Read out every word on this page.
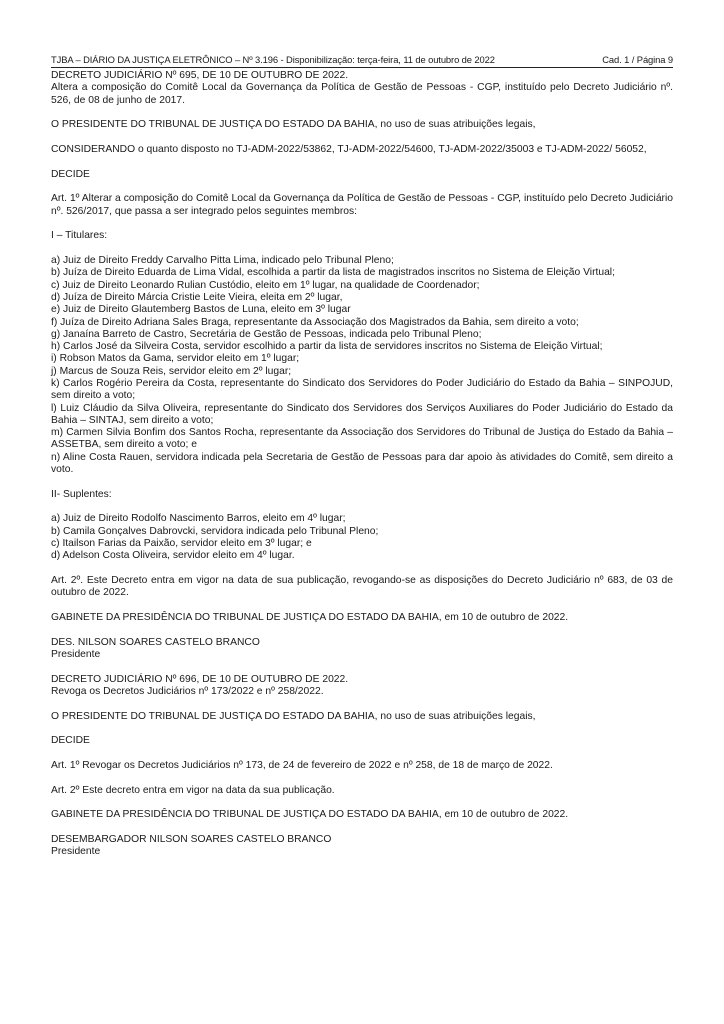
TJBA – DIÁRIO DA JUSTIÇA ELETRÔNICO – Nº 3.196 - Disponibilização: terça-feira, 11 de outubro de 2022	Cad. 1 / Página 9

DECRETO JUDICIÁRIO Nº 695, DE 10 DE OUTUBRO DE 2022.

Altera a composição do Comitê Local da Governança da Política de Gestão de Pessoas - CGP, instituído pelo Decreto Judiciário nº. 526, de 08 de junho de 2017.

O PRESIDENTE DO TRIBUNAL DE JUSTIÇA DO ESTADO DA BAHIA, no uso de suas atribuições legais,

CONSIDERANDO o quanto disposto no TJ-ADM-2022/53862, TJ-ADM-2022/54600, TJ-ADM-2022/35003 e TJ-ADM-2022/ 56052,

DECIDE

Art. 1º Alterar a composição do Comitê Local da Governança da Política de Gestão de Pessoas - CGP, instituído pelo Decreto Judiciário nº. 526/2017, que passa a ser integrado pelos seguintes membros:

I – Titulares:

a) Juiz de Direito Freddy Carvalho Pitta Lima, indicado pelo Tribunal Pleno;

b) Juíza de Direito Eduarda de Lima Vidal, escolhida a partir da lista de magistrados inscritos no Sistema de Eleição Virtual;

c) Juiz de Direito Leonardo Rulian Custódio, eleito em 1º lugar, na qualidade de Coordenador;

d) Juíza de Direito Márcia Cristie Leite Vieira, eleita em 2º lugar,

e) Juiz de Direito Glautemberg Bastos de Luna, eleito em 3º lugar

f) Juíza de Direito Adriana Sales Braga, representante da Associação dos Magistrados da Bahia, sem direito a voto;

g) Janaína Barreto de Castro, Secretária de Gestão de Pessoas, indicada pelo Tribunal Pleno;

h) Carlos José da Silveira Costa, servidor escolhido a partir da lista de servidores inscritos no Sistema de Eleição Virtual;

i) Robson Matos da Gama, servidor eleito em 1º lugar;

j) Marcus de Souza Reis, servidor eleito em 2º lugar;

k) Carlos Rogério Pereira da Costa, representante do Sindicato dos Servidores do Poder Judiciário do Estado da Bahia – SINPOJUD, sem direito a voto;

l) Luiz Cláudio da Silva Oliveira, representante do Sindicato dos Servidores dos Serviços Auxiliares do Poder Judiciário do Estado da Bahia – SINTAJ, sem direito a voto;

m) Carmen Silvia Bonfim dos Santos Rocha, representante da Associação dos Servidores do Tribunal de Justiça do Estado da Bahia – ASSETBA, sem direito a voto; e

n) Aline Costa Rauen, servidora indicada pela Secretaria de Gestão de Pessoas para dar apoio às atividades do Comitê, sem direito a voto.

II- Suplentes:

a) Juiz de Direito Rodolfo Nascimento Barros, eleito em 4º lugar;

b) Camila Gonçalves Dabrovcki, servidora indicada pelo Tribunal Pleno;

c) Itailson Farias da Paixão, servidor eleito em 3º lugar; e

d) Adelson Costa Oliveira, servidor eleito em 4º lugar.

Art. 2º. Este Decreto entra em vigor na data de sua publicação, revogando-se as disposições do Decreto Judiciário nº 683, de 03 de outubro de 2022.

GABINETE DA PRESIDÊNCIA DO TRIBUNAL DE JUSTIÇA DO ESTADO DA BAHIA, em 10 de outubro de 2022.

DES. NILSON SOARES CASTELO BRANCO

Presidente

DECRETO JUDICIÁRIO Nº 696, DE 10 DE OUTUBRO DE 2022.

Revoga os Decretos Judiciários nº 173/2022 e nº 258/2022.

O PRESIDENTE DO TRIBUNAL DE JUSTIÇA DO ESTADO DA BAHIA, no uso de suas atribuições legais,

DECIDE

Art. 1º Revogar os Decretos Judiciários nº 173, de 24 de fevereiro de 2022 e nº 258, de 18 de março de 2022.

Art. 2º Este decreto entra em vigor na data da sua publicação.

GABINETE DA PRESIDÊNCIA DO TRIBUNAL DE JUSTIÇA DO ESTADO DA BAHIA, em 10 de outubro de 2022.

DESEMBARGADOR NILSON SOARES CASTELO BRANCO

Presidente
